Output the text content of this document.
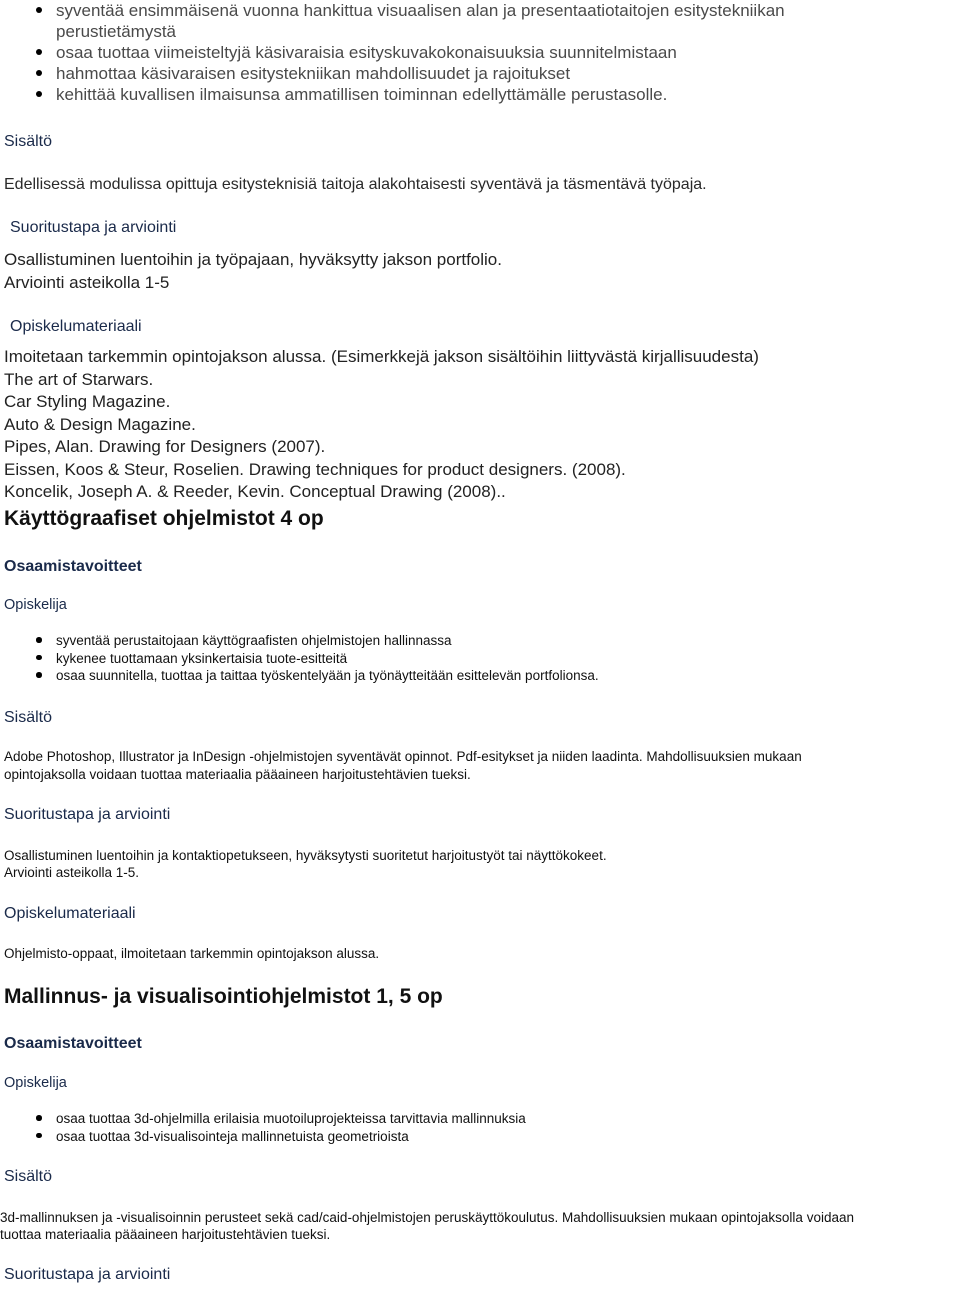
syventää ensimmäisenä vuonna hankittua visuaalisen alan ja presentaatiotaitojen esitystekniikan
perustietämystä
osaa tuottaa viimeisteltyjä käsivaraisia esityskuvakokonaisuuksia suunnitelmistaan
hahmottaa käsivaraisen esitystekniikan mahdollisuudet ja rajoitukset
kehittää kuvallisen ilmaisunsa ammatillisen toiminnan edellyttämälle perustasolle.
Sisältö
Edellisessä modulissa opittuja esitysteknisiä taitoja alakohtaisesti syventävä ja täsmentävä työpaja.
Suoritustapa ja arviointi
Osallistuminen luentoihin ja työpajaan, hyväksytty jakson portfolio.
Arviointi asteikolla 1-5
Opiskelumateriaali
Imoitetaan tarkemmin opintojakson alussa. (Esimerkkejä jakson sisältöihin liittyvästä kirjallisuudesta)
The art of Starwars.
Car Styling Magazine.
Auto & Design Magazine.
Pipes, Alan. Drawing for Designers (2007).
Eissen, Koos & Steur, Roselien. Drawing techniques for product designers. (2008).
Koncelik, Joseph A. & Reeder, Kevin. Conceptual Drawing (2008)..
Käyttögraafiset ohjelmistot 4 op
Osaamistavoitteet
Opiskelija
syventää perustaitojaan käyttögraafisten ohjelmistojen hallinnassa
kykenee tuottamaan yksinkertaisia tuote-esitteitä
osaa suunnitella, tuottaa ja taittaa työskentelyään ja työnäytteitään esittelevän portfolionsa.
Sisältö
Adobe Photoshop, Illustrator ja InDesign -ohjelmistojen syventävät opinnot. Pdf-esitykset ja niiden laadinta. Mahdollisuuksien mukaan
opintojaksolla voidaan tuottaa materiaalia pääaineen harjoitustehtävien tueksi.
Suoritustapa ja arviointi
Osallistuminen luentoihin ja kontaktiopetukseen, hyväksytysti suoritetut harjoitustyöt tai näyttökokeet.
Arviointi asteikolla 1-5.
Opiskelumateriaali
Ohjelmisto-oppaat, ilmoitetaan tarkemmin opintojakson alussa.
Mallinnus- ja visualisointiohjelmistot 1, 5 op
Osaamistavoitteet
Opiskelija
osaa tuottaa 3d-ohjelmilla erilaisia muotoiluprojekteissa tarvittavia mallinnuksia
osaa tuottaa 3d-visualisointeja mallinnetuista geometrioista
Sisältö
3d-mallinnuksen ja -visualisoinnin perusteet sekä cad/caid-ohjelmistojen peruskäyttökoulutus. Mahdollisuuksien mukaan opintojaksolla voidaan
tuottaa materiaalia pääaineen harjoitustehtävien tueksi.
Suoritustapa ja arviointi
